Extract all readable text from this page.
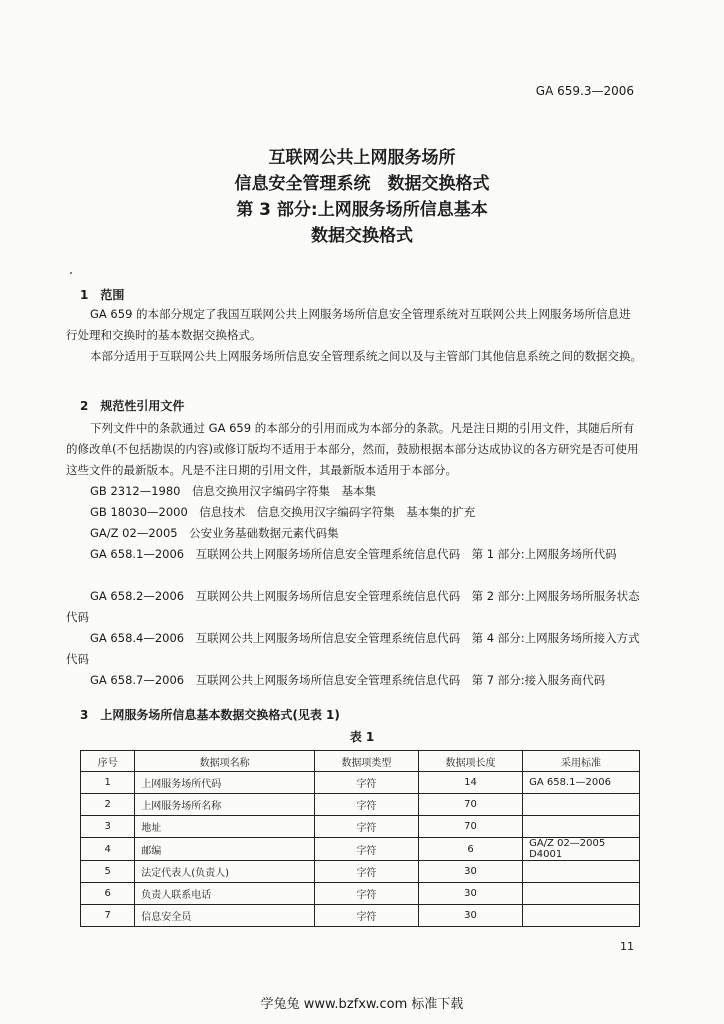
GA 659.3—2006
互联网公共上网服务场所
信息安全管理系统　数据交换格式
第 3 部分:上网服务场所信息基本
数据交换格式
1　范围
GA 659 的本部分规定了我国互联网公共上网服务场所信息安全管理系统对互联网公共上网服务场所信息进行处理和交换时的基本数据交换格式。
本部分适用于互联网公共上网服务场所信息安全管理系统之间以及与主管部门其他信息系统之间的数据交换。
2　规范性引用文件
下列文件中的条款通过 GA 659 的本部分的引用而成为本部分的条款。凡是注日期的引用文件，其随后所有的修改单(不包括勘误的内容)或修订版均不适用于本部分，然而，鼓励根据本部分达成协议的各方研究是否可使用这些文件的最新版本。凡是不注日期的引用文件，其最新版本适用于本部分。
GB 2312—1980　信息交换用汉字编码字符集　基本集
GB 18030—2000　信息技术　信息交换用汉字编码字符集　基本集的扩充
GA/Z 02—2005　公安业务基础数据元素代码集
GA 658.1—2006　互联网公共上网服务场所信息安全管理系统信息代码　第 1 部分:上网服务场所代码
GA 658.2—2006　互联网公共上网服务场所信息安全管理系统信息代码　第 2 部分:上网服务场所服务状态代码
GA 658.4—2006　互联网公共上网服务场所信息安全管理系统信息代码　第 4 部分:上网服务场所接入方式代码
GA 658.7—2006　互联网公共上网服务场所信息安全管理系统信息代码　第 7 部分:接入服务商代码
3　上网服务场所信息基本数据交换格式(见表 1)
表 1
序号	数据项名称	数据项类型	数据项长度	采用标准
1	上网服务场所代码	字符	14	GA 658.1—2006
2	上网服务场所名称	字符	70	
3	地址	字符	70	
4	邮编	字符	6	GA/Z 02—2005 D4001
5	法定代表人(负责人)	字符	30	
6	负责人联系电话	字符	30	
7	信息安全员	字符	30	
11
学兔兔 www.bzfxw.com 标准下载
